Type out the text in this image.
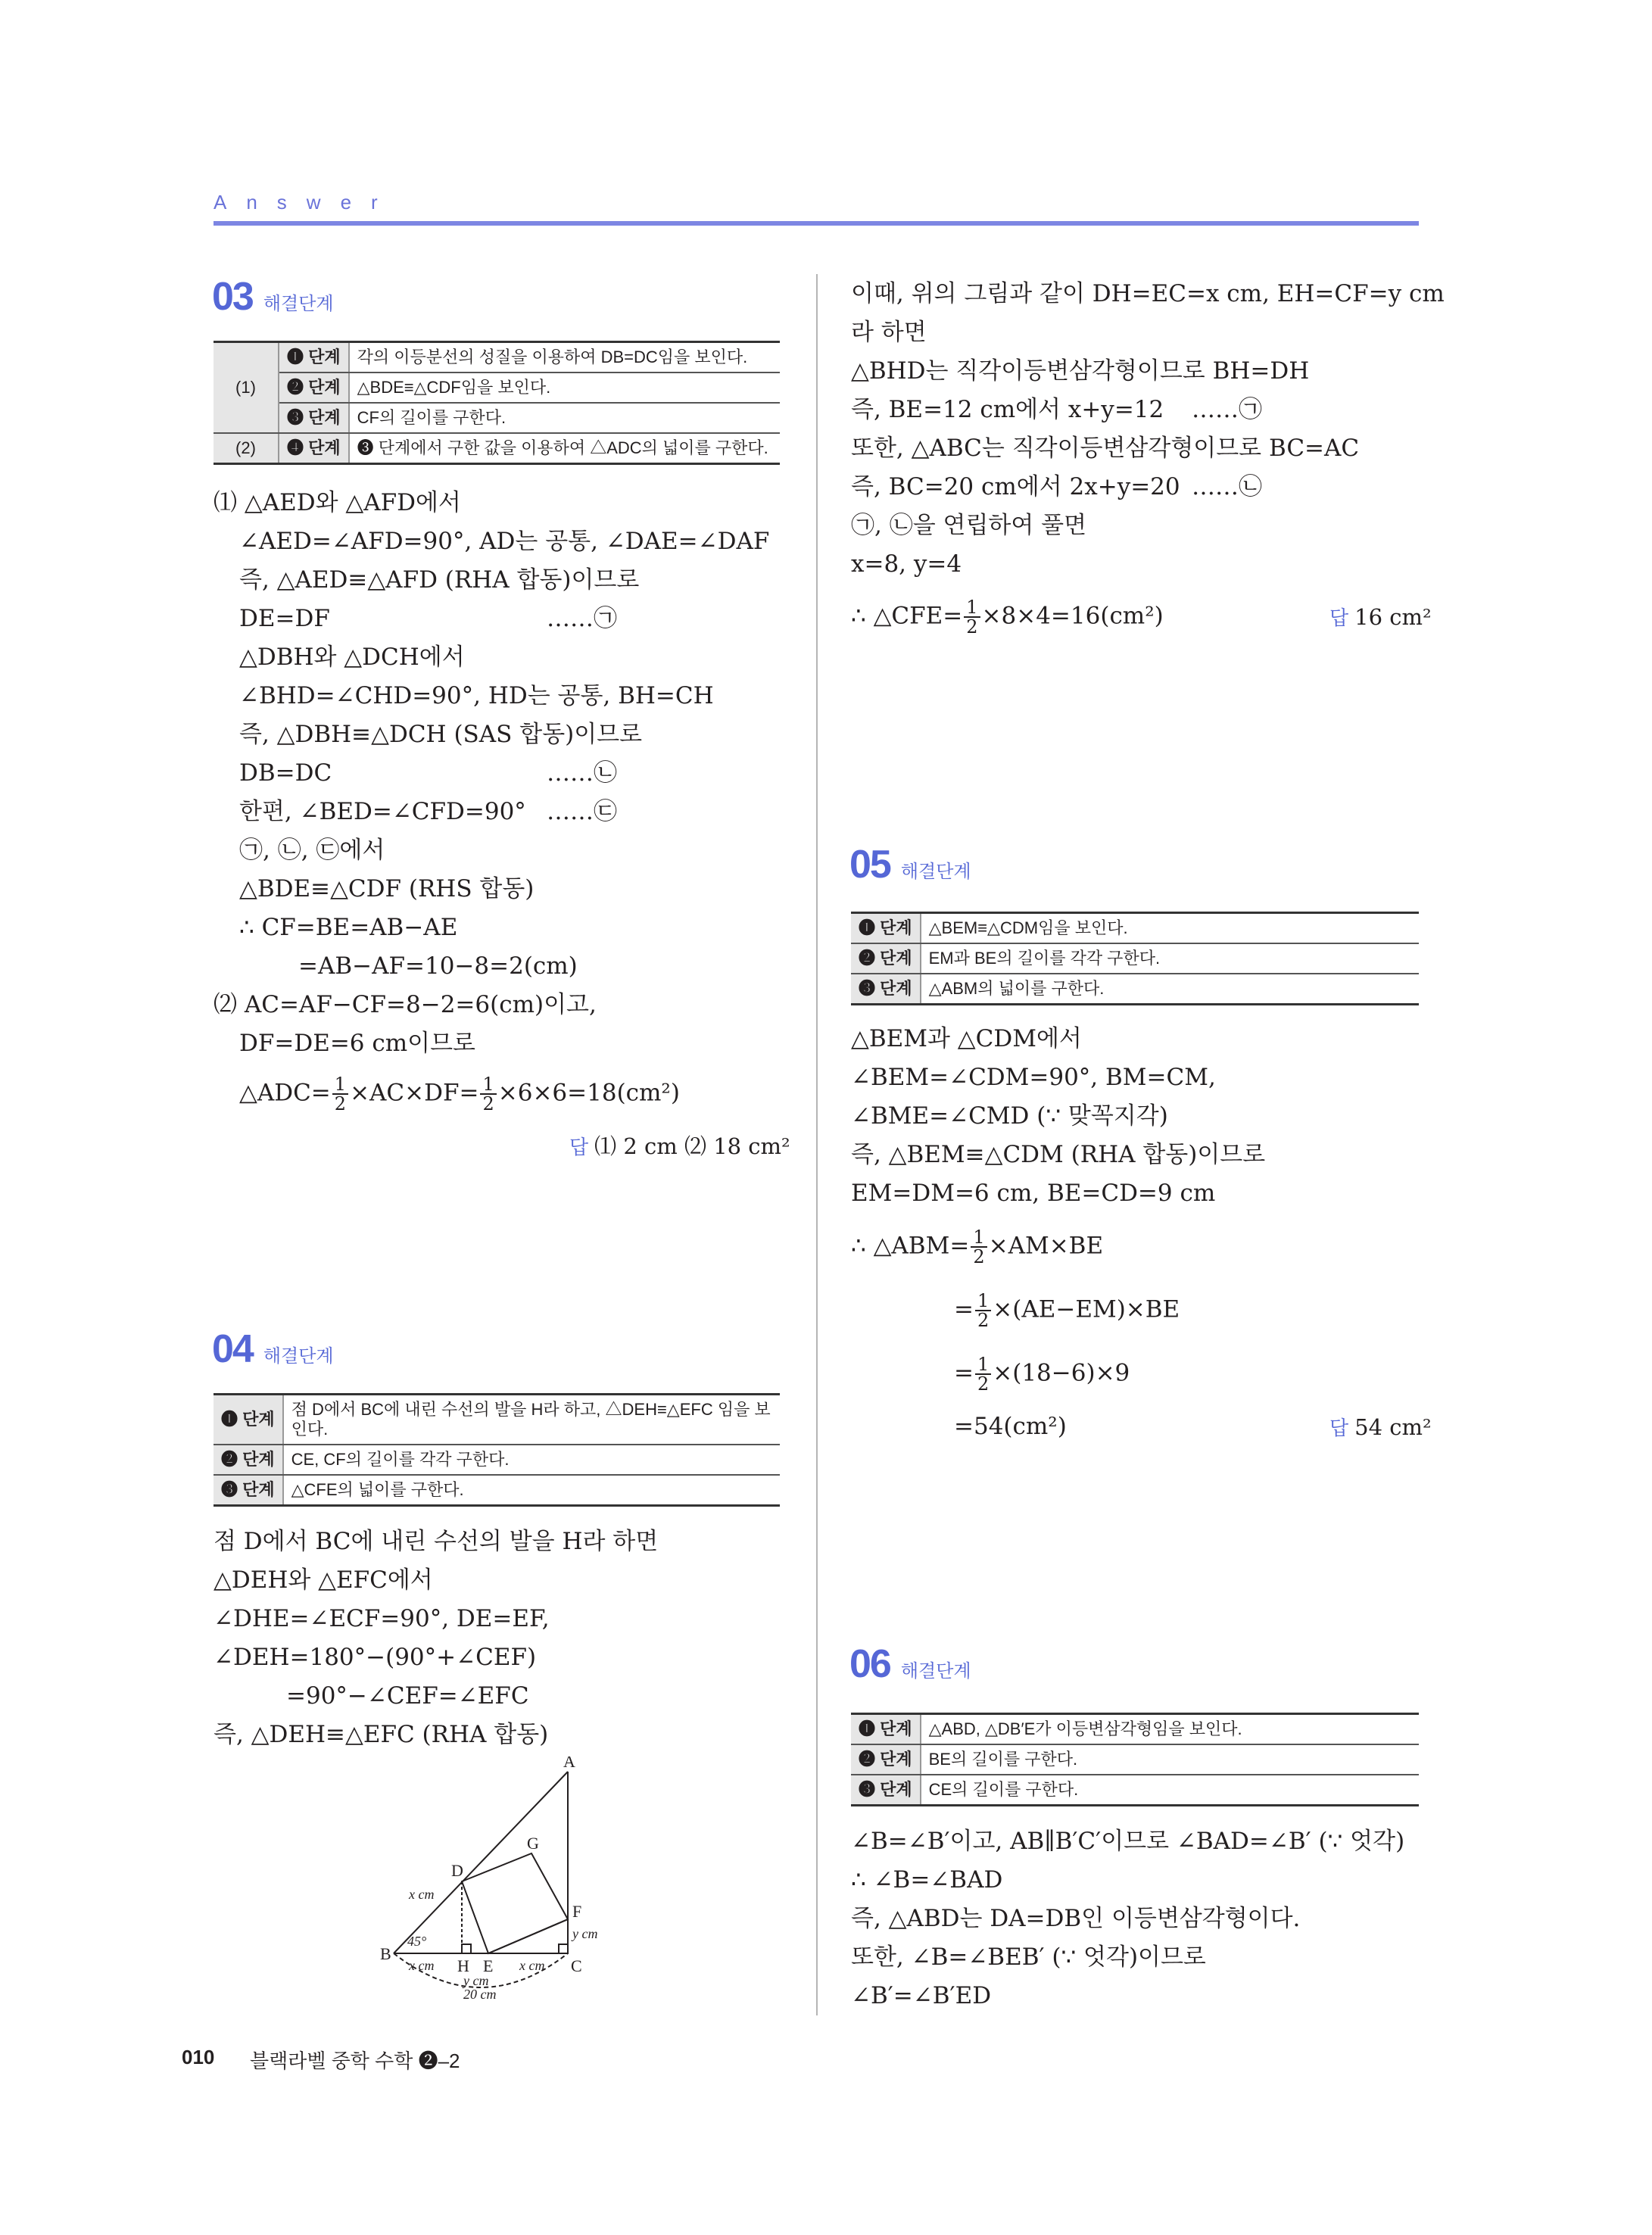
Answer
03 해결단계
(1)	❶ 단계	각의 이등분선의 성질을 이용하여 DB=DC임을 보인다.
	❷ 단계	△BDE≡△CDF임을 보인다.
	❸ 단계	CF의 길이를 구한다.
(2)	❹ 단계	❸ 단계에서 구한 값을 이용하여 △ADC의 넓이를 구한다.
⑴ △AED와 △AFD에서
∠AED=∠AFD=90°, AD는 공통, ∠DAE=∠DAF
즉, △AED≡△AFD (RHA 합동)이므로
DE=DF	……㉠
△DBH와 △DCH에서
∠BHD=∠CHD=90°, HD는 공통, BH=CH
즉, △DBH≡△DCH (SAS 합동)이므로
DB=DC	……㉡
한편, ∠BED=∠CFD=90° ……㉢
㉠, ㉡, ㉢에서
△BDE≡△CDF (RHS 합동)
∴ CF=BE=AB−AE
=AB−AF=10−8=2(cm)
⑵ AC=AF−CF=8−2=6(cm)이고,
DF=DE=6 cm이므로
△ADC= $\frac{1}{2} \times AC\times DF= \frac{1}{2} \times 6\times 6=18(cm^2)$
답 ⑴ 2 cm ⑵ 18 cm²
04 해결단계
❶ 단계	점 D에서 BC에 내린 수선의 발을 H라 하고, △DEH≡△EFC 임을 보인다.
❷ 단계	CE, CF의 길이를 각각 구한다.
❸ 단계	△CFE의 넓이를 구한다.
점 D에서 BC에 내린 수선의 발을 H라 하면
△DEH와 △EFC에서
∠DHE=∠ECF=90°, DE=EF,
∠DEH=180°−(90°+∠CEF)
=90°−∠CEF=∠EFC
즉, △DEH≡△EFC (RHA 합동)
A
G
D
F
B
H E	C
x cm
45°	y cm
x cm	x cm
y cm
20 cm
이때, 위의 그림과 같이 DH=EC=x cm, EH=CF=y cm
라 하면
△BHD는 직각이등변삼각형이므로 BH=DH
즉, BE=12 cm에서 x+y=12 ……㉠
또한, △ABC는 직각이등변삼각형이므로 BC=AC
즉, BC=20 cm에서 2x+y=20 ……㉡
㉠, ㉡을 연립하여 풀면
x=8, y=4
∴ △CFE= $\frac{1}{2} \times 8\times 4=16(cm^2)$	답 16 cm²
05 해결단계
❶ 단계	△BEM≡△CDM임을 보인다.
❷ 단계	EM과 BE의 길이를 각각 구한다.
❸ 단계	△ABM의 넓이를 구한다.
△BEM과 △CDM에서
∠BEM=∠CDM=90°, BM=CM,
∠BME=∠CMD (∵ 맞꼭지각)
즉, △BEM≡△CDM (RHA 합동)이므로
EM=DM=6 cm, BE=CD=9 cm
∴ △ABM= $\frac{1}{2} \times AM\times BE$
= $\frac{1}{2} \times(AE-EM)\times BE$
= $\frac{1}{2} \times(18-6)\times 9$
=54(cm²)	답 54 cm²
06 해결단계
❶ 단계	△ABD, △DB′E가 이등변삼각형임을 보인다.
❷ 단계	BE의 길이를 구한다.
❸ 단계	CE의 길이를 구한다.
∠B=∠B′이고, AB∥B′C′이므로 ∠BAD=∠B′ (∵ 엇각)
∴ ∠B=∠BAD
즉, △ABD는 DA=DB인 이등변삼각형이다.
또한, ∠B=∠BEB′ (∵ 엇각)이므로
∠B′=∠B′ED
010 블랙라벨 중학 수학 ❷–2
